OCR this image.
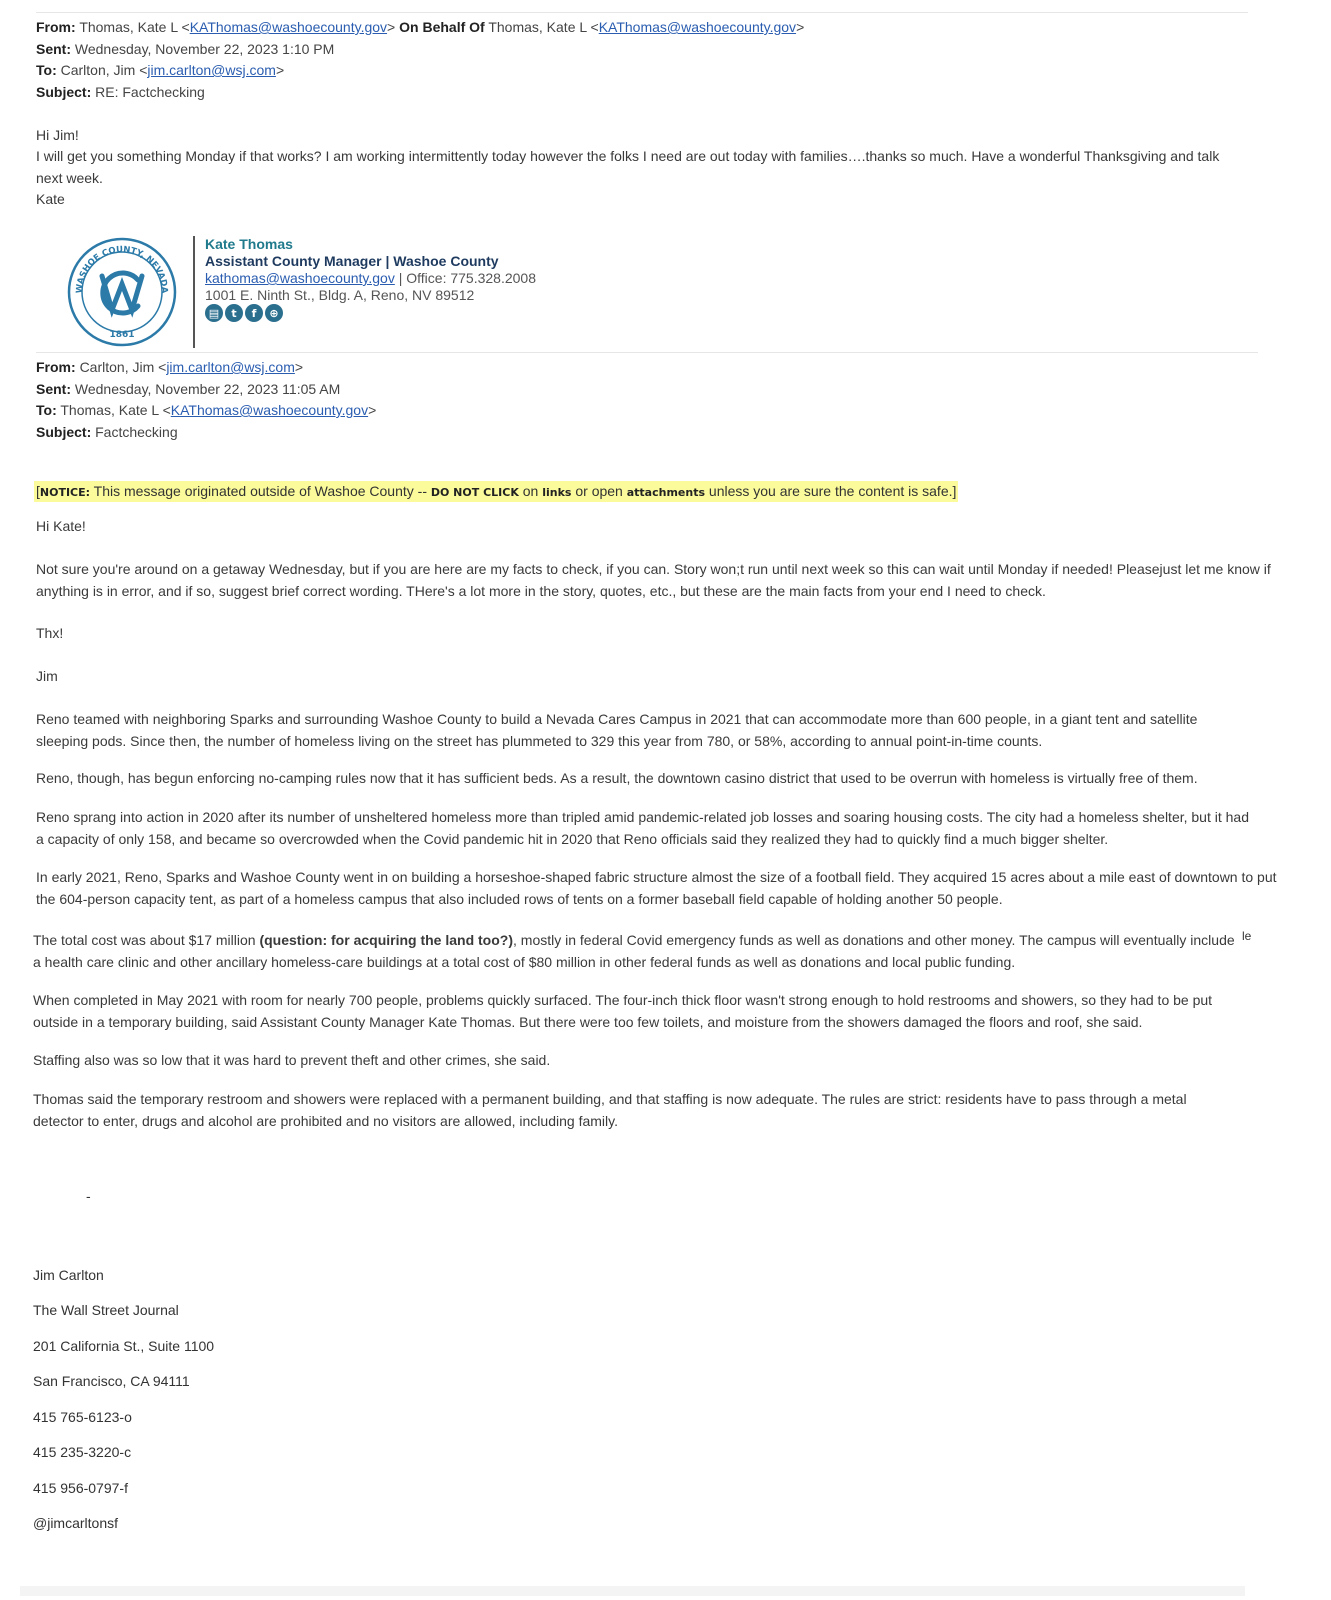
From: Thomas, Kate L <KAThomas@washoecounty.gov> On Behalf Of Thomas, Kate L <KAThomas@washoecounty.gov>
Sent: Wednesday, November 22, 2023 1:10 PM
To: Carlton, Jim <jim.carlton@wsj.com>
Subject: RE: Factchecking
Hi Jim!
I will get you something Monday if that works? I am working intermittently today however the folks I need are out today with families….thanks so much. Have a wonderful Thanksgiving and talk next week.
Kate
WASHOE COUNTY, NEVADA
1861
Kate Thomas
Assistant County Manager | Washoe County
kathomas@washoecounty.gov | Office: 775.328.2008
1001 E. Ninth St., Bldg. A, Reno, NV 89512
▤	t	f	⊕
From: Carlton, Jim <jim.carlton@wsj.com>
Sent: Wednesday, November 22, 2023 11:05 AM
To: Thomas, Kate L <KAThomas@washoecounty.gov>
Subject: Factchecking
[NOTICE: This message originated outside of Washoe County -- DO NOT CLICK on links or open attachments unless you are sure the content is safe.]
Hi Kate!
Not sure you're around on a getaway Wednesday, but if you are here are my facts to check, if you can. Story won;t run until next week so this can wait until Monday if needed! Pleasejust let me know if anything is in error, and if so, suggest brief correct wording. THere's a lot more in the story, quotes, etc., but these are the main facts from your end I need to check.
Thx!
Jim
Reno teamed with neighboring Sparks and surrounding Washoe County to build a Nevada Cares Campus in 2021 that can accommodate more than 600 people, in a giant tent and satellite sleeping pods. Since then, the number of homeless living on the street has plummeted to 329 this year from 780, or 58%, according to annual point-in-time counts.
Reno, though, has begun enforcing no-camping rules now that it has sufficient beds. As a result, the downtown casino district that used to be overrun with homeless is virtually free of them.
Reno sprang into action in 2020 after its number of unsheltered homeless more than tripled amid pandemic-related job losses and soaring housing costs. The city had a homeless shelter, but it had a capacity of only 158, and became so overcrowded when the Covid pandemic hit in 2020 that Reno officials said they realized they had to quickly find a much bigger shelter.
In early 2021, Reno, Sparks and Washoe County went in on building a horseshoe-shaped fabric structure almost the size of a football field. They acquired 15 acres about a mile east of downtown to put the 604-person capacity tent, as part of a homeless campus that also included rows of tents on a former baseball field capable of holding another 50 people.
The total cost was about $17 million (question: for acquiring the land too?), mostly in federal Covid emergency funds as well as donations and other money. The campus will eventually include a health care clinic and other ancillary homeless-care buildings at a total cost of $80 million in other federal funds as well as donations and local public funding.
le
When completed in May 2021 with room for nearly 700 people, problems quickly surfaced. The four-inch thick floor wasn't strong enough to hold restrooms and showers, so they had to be put outside in a temporary building, said Assistant County Manager Kate Thomas. But there were too few toilets, and moisture from the showers damaged the floors and roof, she said.
Staffing also was so low that it was hard to prevent theft and other crimes, she said.
Thomas said the temporary restroom and showers were replaced with a permanent building, and that staffing is now adequate. The rules are strict: residents have to pass through a metal detector to enter, drugs and alcohol are prohibited and no visitors are allowed, including family.
-
Jim Carlton
The Wall Street Journal
201 California St., Suite 1100
San Francisco, CA 94111
415 765-6123-o
415 235-3220-c
415 956-0797-f
@jimcarltonsf
